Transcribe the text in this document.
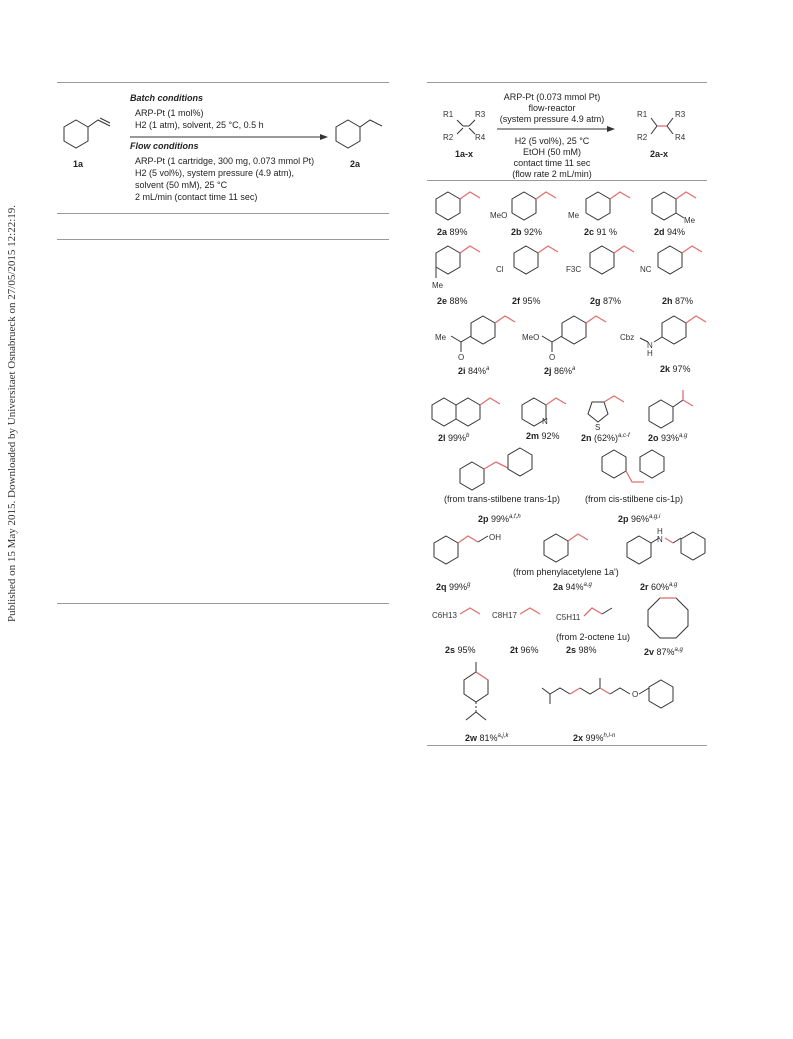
Published on 15 May 2015. Downloaded by Universitaet Osnabrueck on 27/05/2015 12:22:19.
1a
Batch conditions
ARP-Pt (1 mol%)
H2 (1 atm), solvent, 25 °C, 0.5 h
Flow conditions
ARP-Pt (1 cartridge, 300 mg, 0.073 mmol Pt)
H2 (5 vol%), system pressure (4.9 atm),
solvent (50 mM), 25 °C
2 mL/min (contact time 11 sec)
2a
R1	R3
R2	R4
1a-x
ARP-Pt (0.073 mmol Pt)
flow-reactor
(system pressure 4.9 atm)
H2 (5 vol%), 25 °C
EtOH (50 mM)
contact time 11 sec
(flow rate 2 mL/min)
R1	R3
R2	R4
2a-x
MeO	Me
Me
2a 89%	2b 92%	2c 91 %	2d 94%
Me
Cl	F3C	NC
2e 88%	2f 95%	2g 87%	2h 87%
Me
O
MeO
O
Cbz
N
H
2i 84%$^a$	2j 86%$^a$	2k 97%
N
S
2l 99%$^b$	2m 92% 2n $(62\%)^{a,c-f}$ 2o 93%$^{a,g}$
(from trans-stilbene trans-1p)	(from cis-stilbene cis-1p)
2p 99%$^{a,f,h}$	2p 96%$^{a,g,i}$
OH
H
N
(from phenylacetylene 1a')
2q 99%$^g$	2a 94%$^{a,g}$	2r 60%$^{a,g}$
C6H13	C8H17	C5H11
(from 2-octene 1u)
2s 95%	2t 96%	2s 98%	2v 87%$^{a,g}$
O
2w 81%$^{a,j,k}$	2x 99%$^{h,l-n}$
